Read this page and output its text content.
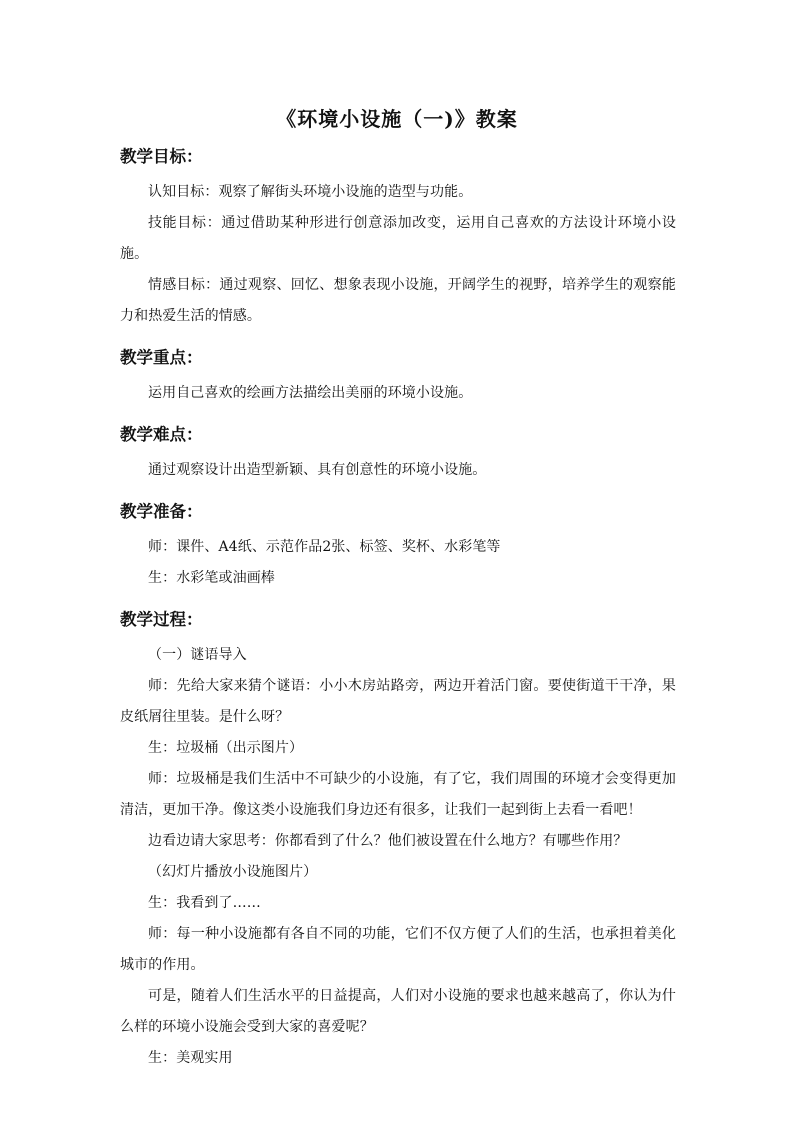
《环境小设施（一)》教案
教学目标：

认知目标：观察了解街头环境小设施的造型与功能。

技能目标：通过借助某种形进行创意添加改变，运用自己喜欢的方法设计环境小设施。

情感目标：通过观察、回忆、想象表现小设施，开阔学生的视野，培养学生的观察能力和热爱生活的情感。

教学重点：

运用自己喜欢的绘画方法描绘出美丽的环境小设施。

教学难点：

通过观察设计出造型新颖、具有创意性的环境小设施。

教学准备：

师：课件、A4纸、示范作品2张、标签、奖杯、水彩笔等

生：水彩笔或油画棒

教学过程：

（一）谜语导入

师：先给大家来猜个谜语：小小木房站路旁，两边开着活门窗。要使街道干干净，果皮纸屑往里装。是什么呀？

生：垃圾桶（出示图片）

师：垃圾桶是我们生活中不可缺少的小设施，有了它，我们周围的环境才会变得更加清洁，更加干净。像这类小设施我们身边还有很多，让我们一起到街上去看一看吧！

边看边请大家思考：你都看到了什么？他们被设置在什么地方？有哪些作用？

（幻灯片播放小设施图片）

生：我看到了……

师：每一种小设施都有各自不同的功能，它们不仅方便了人们的生活，也承担着美化城市的作用。

可是，随着人们生活水平的日益提高，人们对小设施的要求也越来越高了，你认为什么样的环境小设施会受到大家的喜爱呢？

生：美观实用
